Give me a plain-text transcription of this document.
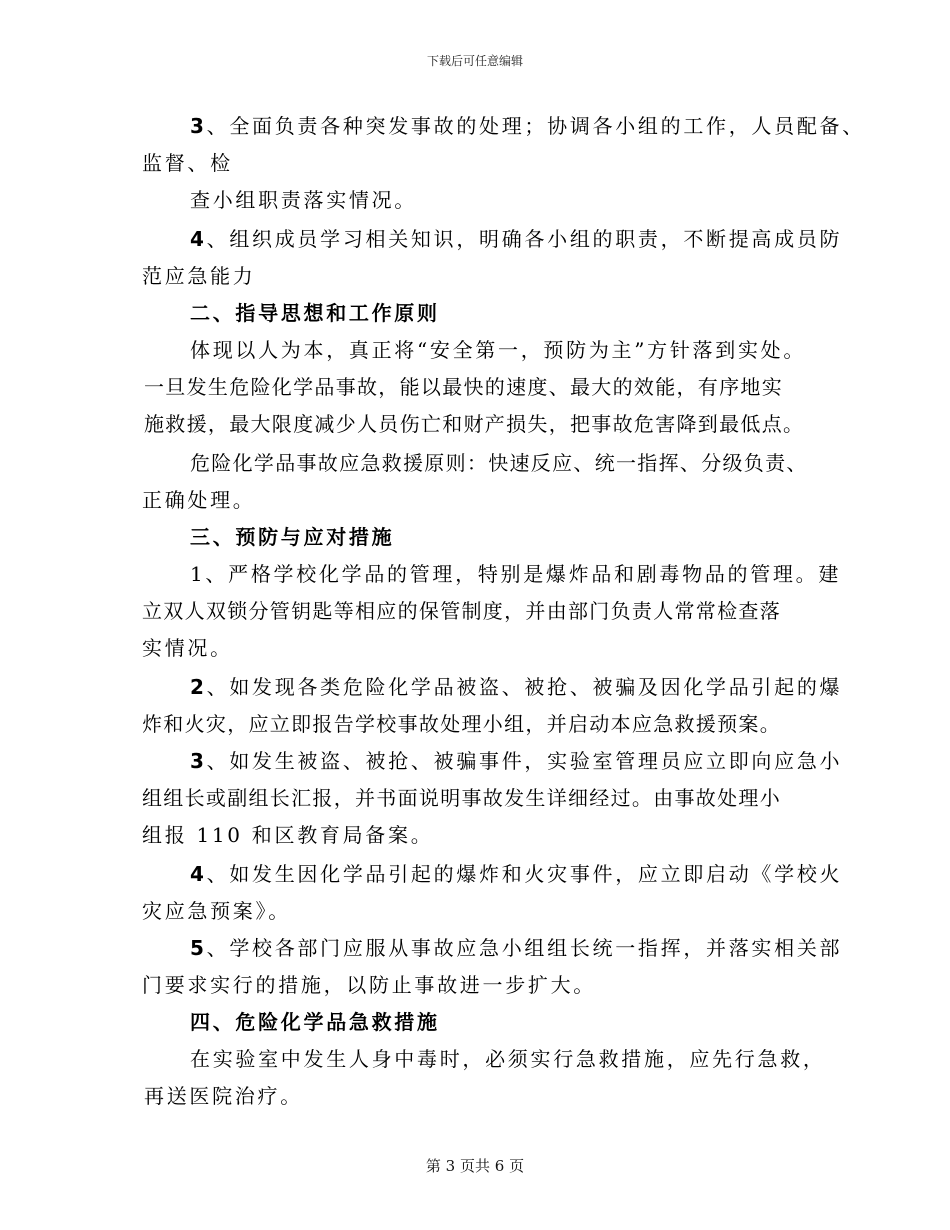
下载后可任意编辑
3、全面负责各种突发事故的处理；协调各小组的工作，人员配备、
监督、检
查小组职责落实情况。
4、组织成员学习相关知识，明确各小组的职责，不断提高成员防
范应急能力
二、指导思想和工作原则
体现以人为本，真正将“安全第一，预防为主”方针落到实处。
一旦发生危险化学品事故，能以最快的速度、最大的效能，有序地实
施救援，最大限度减少人员伤亡和财产损失，把事故危害降到最低点。
危险化学品事故应急救援原则：快速反应、统一指挥、分级负责、
正确处理。
三、预防与应对措施
1、严格学校化学品的管理，特别是爆炸品和剧毒物品的管理。建
立双人双锁分管钥匙等相应的保管制度，并由部门负责人常常检查落
实情况。
2、如发现各类危险化学品被盗、被抢、被骗及因化学品引起的爆
炸和火灾，应立即报告学校事故处理小组，并启动本应急救援预案。
3、如发生被盗、被抢、被骗事件，实验室管理员应立即向应急小
组组长或副组长汇报，并书面说明事故发生详细经过。由事故处理小
组报 110 和区教育局备案。
4、如发生因化学品引起的爆炸和火灾事件，应立即启动《学校火
灾应急预案》。
5、学校各部门应服从事故应急小组组长统一指挥，并落实相关部
门要求实行的措施，以防止事故进一步扩大。
四、危险化学品急救措施
在实验室中发生人身中毒时，必须实行急救措施，应先行急救，
再送医院治疗。
第 3 页共 6 页
